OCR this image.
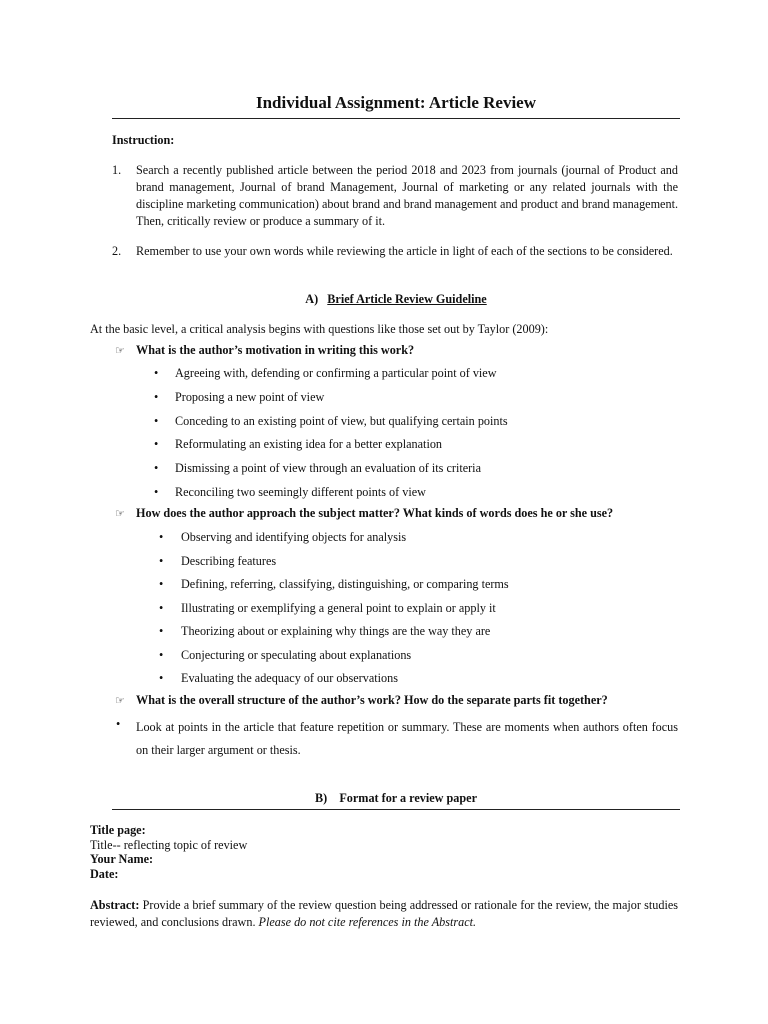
Individual Assignment: Article Review
Instruction:
1. Search a recently published article between the period 2018 and 2023 from journals (journal of Product and brand management, Journal of brand Management, Journal of marketing or any related journals with the discipline marketing communication) about brand and brand management and product and brand management. Then, critically review or produce a summary of it.
2. Remember to use your own words while reviewing the article in light of each of the sections to be considered.
A) Brief Article Review Guideline
At the basic level, a critical analysis begins with questions like those set out by Taylor (2009):
☞ What is the author’s motivation in writing this work?
• Agreeing with, defending or confirming a particular point of view
• Proposing a new point of view
• Conceding to an existing point of view, but qualifying certain points
• Reformulating an existing idea for a better explanation
• Dismissing a point of view through an evaluation of its criteria
• Reconciling two seemingly different points of view
☞ How does the author approach the subject matter? What kinds of words does he or she use?
• Observing and identifying objects for analysis
• Describing features
• Defining, referring, classifying, distinguishing, or comparing terms
• Illustrating or exemplifying a general point to explain or apply it
• Theorizing about or explaining why things are the way they are
• Conjecturing or speculating about explanations
• Evaluating the adequacy of our observations
☞ What is the overall structure of the author’s work? How do the separate parts fit together?
• Look at points in the article that feature repetition or summary. These are moments when authors often focus on their larger argument or thesis.
B) Format for a review paper
Title page:
Title-- reflecting topic of review
Your Name:
Date:
Abstract: Provide a brief summary of the review question being addressed or rationale for the review, the major studies reviewed, and conclusions drawn. Please do not cite references in the Abstract.
